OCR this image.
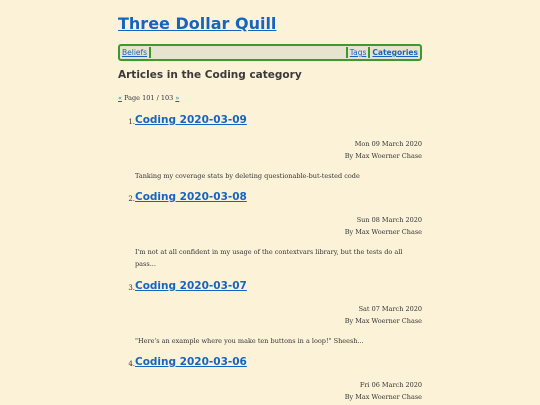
Three Dollar Quill
Beliefs	Tags Categories
Articles in the Coding category
« Page 101 / 103 »
1. Coding 2020-03-09
Mon 09 March 2020
By Max Woerner Chase
Tanking my coverage stats by deleting questionable-but-tested code
2. Coding 2020-03-08
Sun 08 March 2020
By Max Woerner Chase
I'm not at all confident in my usage of the contextvars library, but the tests do all pass...
3. Coding 2020-03-07
Sat 07 March 2020
By Max Woerner Chase
"Here's an example where you make ten buttons in a loop!" Sheesh...
4. Coding 2020-03-06
Fri 06 March 2020
By Max Woerner Chase
